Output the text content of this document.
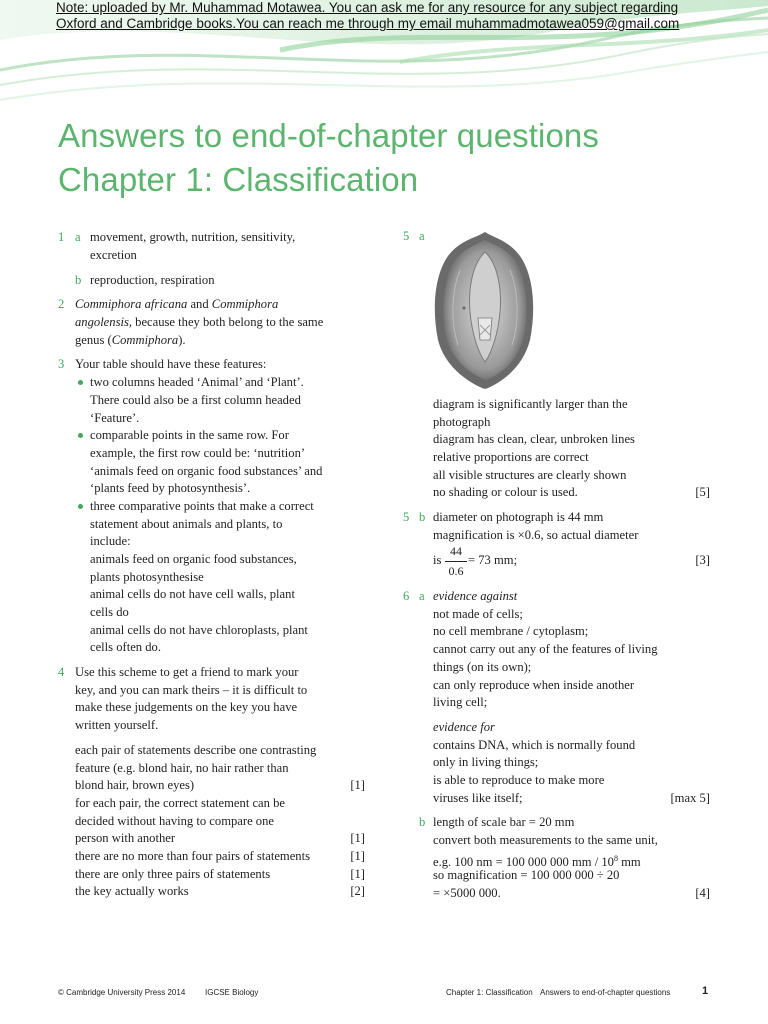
Note: uploaded by Mr. Muhammad Motawea. You can ask me for any resource for any subject regarding
Oxford and Cambridge books.You can reach me through my email muhammadmotawea059@gmail.com
Answers to end-of-chapter questions
Chapter 1: Classification
1 a movement, growth, nutrition, sensitivity,
excretion
b reproduction, respiration
2 Commiphora africana and Commiphora
angolensis, because they both belong to the same
genus (Commiphora).
3 Your table should have these features:
two columns headed ‘Animal’ and ‘Plant’.
There could also be a first column headed
‘Feature’.
comparable points in the same row. For
example, the first row could be: ‘nutrition’
‘animals feed on organic food substances’ and
‘plants feed by photosynthesis’.
three comparative points that make a correct
statement about animals and plants, to
include:
animals feed on organic food substances,
plants photosynthesise
animal cells do not have cell walls, plant
cells do
animal cells do not have chloroplasts, plant
cells often do.
4 Use this scheme to get a friend to mark your
key, and you can mark theirs – it is difficult to
make these judgements on the key you have
written yourself.
each pair of statements describe one contrasting
feature (e.g. blond hair, no hair rather than
blond hair, brown eyes)	[1]
for each pair, the correct statement can be
decided without having to compare one
person with another	[1]
there are no more than four pairs of statements	[1]
there are only three pairs of statements	[1]
the key actually works	[2]
5 a
diagram is significantly larger than the
photograph
diagram has clean, clear, unbroken lines
relative proportions are correct
all visible structures are clearly shown
no shading or colour is used.	[5]
5 b diameter on photograph is 44 mm
magnification is ×0.6, so actual diameter
is
44
0.6
= 73 mm;	[3]
6 a evidence against
not made of cells;
no cell membrane / cytoplasm;
cannot carry out any of the features of living
things (on its own);
can only reproduce when inside another
living cell;
evidence for
contains DNA, which is normally found
only in living things;
is able to reproduce to make more
viruses like itself;	[max 5]
b length of scale bar = 20 mm
convert both measurements to the same unit,
e.g. 100 nm = 100 000 000 mm / $10^8$ mm
so magnification = 100 000 000 ÷ 20
= ×5000 000.	[4]
© Cambridge University Press 2014 IGCSE Biology	Chapter 1: Classification Answers to end-of-chapter questions	1
